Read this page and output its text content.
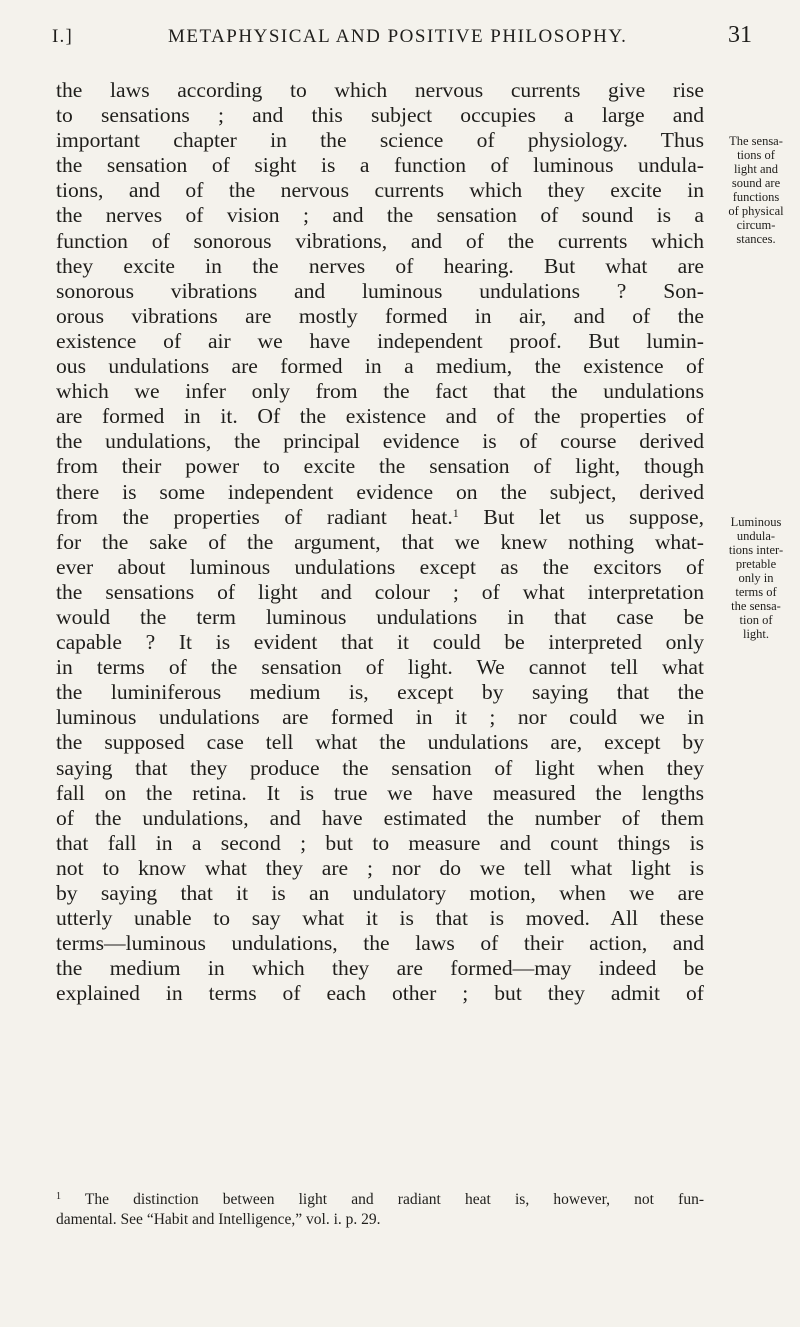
I.]	METAPHYSICAL AND POSITIVE PHILOSOPHY.	31
the laws according to which nervous currents give rise
to sensations ; and this subject occupies a large and
important chapter in the science of physiology. Thus
the sensation of sight is a function of luminous undula-
tions, and of the nervous currents which they excite in
the nerves of vision ; and the sensation of sound is a
function of sonorous vibrations, and of the currents which
they excite in the nerves of hearing. But what are
sonorous vibrations and luminous undulations ? Son-
orous vibrations are mostly formed in air, and of the
existence of air we have independent proof. But lumin-
ous undulations are formed in a medium, the existence of
which we infer only from the fact that the undulations
are formed in it. Of the existence and of the properties of
the undulations, the principal evidence is of course derived
from their power to excite the sensation of light, though
there is some independent evidence on the subject, derived
from the properties of radiant heat.$^1$ But let us suppose,
for the sake of the argument, that we knew nothing what-
ever about luminous undulations except as the excitors of
the sensations of light and colour ; of what interpretation
would the term luminous undulations in that case be
capable ? It is evident that it could be interpreted only
in terms of the sensation of light. We cannot tell what
the luminiferous medium is, except by saying that the
luminous undulations are formed in it ; nor could we in
the supposed case tell what the undulations are, except by
saying that they produce the sensation of light when they
fall on the retina. It is true we have measured the lengths
of the undulations, and have estimated the number of them
that fall in a second ; but to measure and count things is
not to know what they are ; nor do we tell what light is
by saying that it is an undulatory motion, when we are
utterly unable to say what it is that is moved. All these
terms—luminous undulations, the laws of their action, and
the medium in which they are formed—may indeed be
explained in terms of each other ; but they admit of
The sensa-
tions of
light and
sound are
functions
of physical
circum-
stances.
Luminous
undula-
tions inter-
pretable
only in
terms of
the sensa-
tion of
light.
$^1$ The distinction between light and radiant heat is, however, not fun-
damental. See “Habit and Intelligence,” vol. i. p. 29.
